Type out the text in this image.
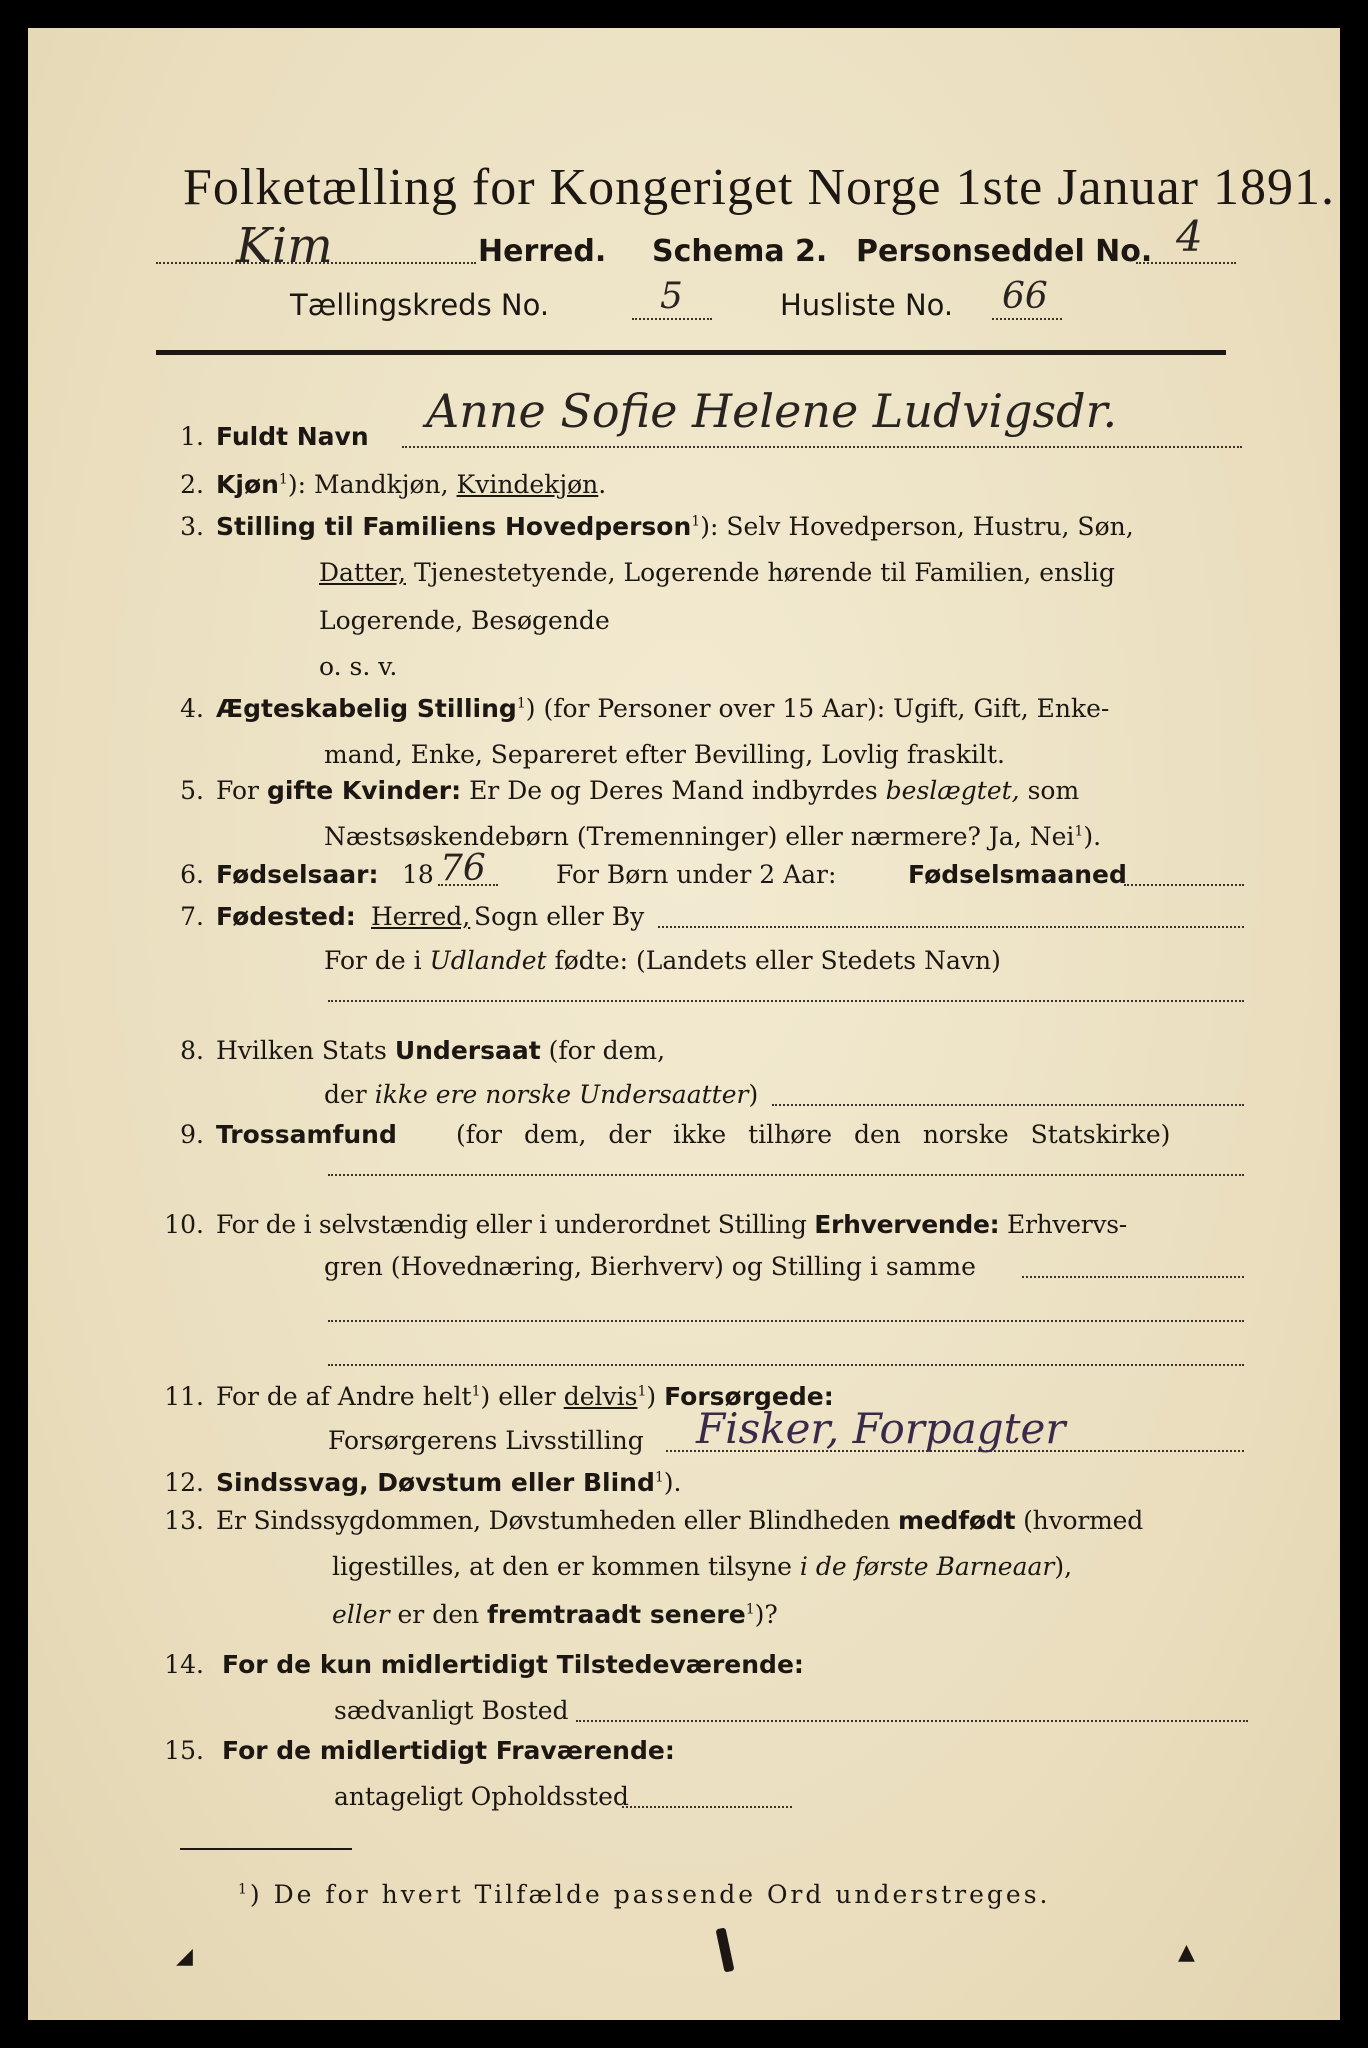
Folketælling for Kongeriget Norge 1ste Januar 1891.
Kim	Herred. Schema 2. Personseddel No. 4
Tællingskreds No.	5	Husliste No. 66
1. Fuldt Navn Anne Sofie Helene Ludvigsdr.
2. Kjøn$^1$): Mandkjøn, Kvindekjøn.
3. Stilling til Familiens Hovedperson$^1$): Selv Hovedperson, Hustru, Søn,
Datter, Tjenestetyende, Logerende hørende til Familien, enslig
Logerende, Besøgende
o. s. v.
4. Ægteskabelig Stilling$^1$) (for Personer over 15 Aar): Ugift, Gift, Enke-
mand, Enke, Separeret efter Bevilling, Lovlig fraskilt.
5. For gifte Kvinder: Er De og Deres Mand indbyrdes beslægtet, som
Næstsøskendebørn (Tremenninger) eller nærmere? Ja, Nei$^1$).
6. Fødselsaar: 18 76	For Børn under 2 Aar:	Fødselsmaaned
7. Fødested: Herred, Sogn eller By
For de i Udlandet fødte: (Landets eller Stedets Navn)
8. Hvilken Stats Undersaat (for dem,
der ikke ere norske Undersaatter)
9. Trossamfund (for dem, der ikke tilhøre den norske Statskirke)
10. For de i selvstændig eller i underordnet Stilling Erhvervende: Erhvervs-
gren (Hovednæring, Bierhverv) og Stilling i samme
11. For de af Andre helt$^1$) eller delvis$^1$) Forsørgede:
Forsørgerens Livsstilling Fisker, Forpagter
12. Sindssvag, Døvstum eller Blind$^1$).
13. Er Sindssygdommen, Døvstumheden eller Blindheden medfødt (hvormed
ligestilles, at den er kommen tilsyne i de første Barneaar),
eller er den fremtraadt senere$^1$)?
14. For de kun midlertidigt Tilstedeværende:
sædvanligt Bosted
15. For de midlertidigt Fraværende:
antageligt Opholdssted
$^1$) De for hvert Tilfælde passende Ord understreges.
◢	▲
